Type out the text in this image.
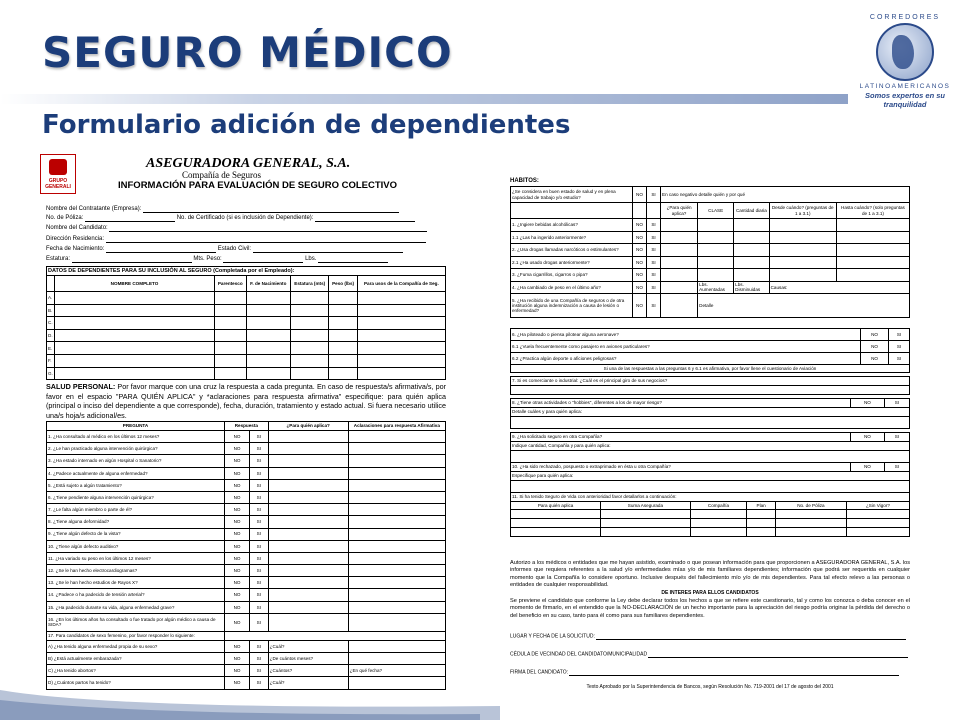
SEGURO MÉDICO
Formulario adición de dependientes
CORREDORES
LATINOAMERICANOS
Somos expertos en su tranquilidad
GRUPO GENERALI
ASEGURADORA GENERAL, S.A.
Compañía de Seguros
INFORMACIÓN PARA EVALUACIÓN DE SEGURO COLECTIVO
Nombre del Contratante (Empresa):
No. de Póliza:	No. de Certificado (si es inclusión de Dependiente):
Nombre del Candidato:
Dirección Residencia:
Fecha de Nacimiento:	Estado Civil:
Estatura:	Mts. Peso:	Lbs.
DATOS DE DEPENDIENTES PARA SU INCLUSIÓN AL SEGURO (Completada por el Empleado):						
	NOMBRE COMPLETO	Parentesco	F. de Nacimiento	Estatura (mts)	Peso (lbs)	Para usos de la Compañía de Seg.
A.						
B.						
C.						
D.						
E.						
F.						
G.						
SALUD PERSONAL: Por favor marque con una cruz la respuesta a cada pregunta. En caso de respuesta/s afirmativa/s, por favor en el espacio "PARA QUIÉN APLICA" y *aclaraciones para respuesta afirmativa" especifique: para quién aplica (principal o inciso del dependiente a que corresponde), fecha, duración, tratamiento y estado actual. Si fuera necesario utilice una/s hoja/s adicional/es.
PREGUNTA	Respuesta		¿Para quién aplica?	Aclaraciones para respuesta Afirmativa
1. ¿Ha consultado al médico en los últimos 12 meses?	NO	SI		
2. ¿Le han practicado alguna intervención quirúrgica?	NO	SI		
3. ¿Ha estado internado en algún Hospital o Sanatorio?	NO	SI		
4. ¿Padece actualmente de alguna enfermedad?	NO	SI		
5. ¿Está sujeto a algún tratamiento?	NO	SI		
6. ¿Tiene pendiente alguna intervención quirúrgica?	NO	SI		
7. ¿Le falta algún miembro o parte de él?	NO	SI		
8. ¿Tiene alguna deformidad?	NO	SI		
9. ¿Tiene algún defecto de la vista?	NO	SI		
10. ¿Tiene algún defecto auditivo?	NO	SI		
11. ¿Ha variado su peso en los últimos 12 meses?	NO	SI		
12. ¿Se le han hecho electrocardiogramas?	NO	SI		
13. ¿Se le han hecho estudios de Rayos X?	NO	SI		
14. ¿Padece o ha padecido de tensión arterial?	NO	SI		
15. ¿Ha padecido durante su vida, alguna enfermedad grave?	NO	SI		
16. ¿En los últimos años ha consultado o fue tratado por algún médico a causa de SIDA?	NO	SI		
17. Para candidatos de sexo femenino, por favor responder lo siguiente:				
A) ¿Ha tenido alguna enfermedad propia de su sexo?	NO	SI	¿Cuál?	
B) ¿Está actualmente embarazada?	NO	SI	¿De cuántos meses?	
C) ¿Ha tenido abortos?	NO	SI	¿Cuántos?	¿En qué fecha?
D) ¿Cuántos partos ha tenido?	NO	SI	¿Cuál?	
HABITOS:
¿Se considera en buen estado de salud y en plena capacidad de trabajo y/o estudio?	NO	SI	En caso negativo detalle quién y por qué				
			¿Para quién aplica?	CLASE	Cantidad diaria	Desde cuándo? (preguntas de 1 a 3.1)	Hasta cuándo? (solo preguntas de 1 a 3.1)
1. ¿Ingiere bebidas alcohólicas?	NO	SI					
1.1 ¿Las ha ingerido anteriormente?	NO	SI					
2. ¿Usa drogas llamadas narcóticos o estimulantes?	NO	SI					
2.1 ¿Ha usado drogas anteriormente?	NO	SI					
3. ¿Fuma cigarrillos, cigarros o pipa?	NO	SI					
4. ¿Ha cambiado de peso en el último año?	NO	SI		Lbs. Aumentadas	Lbs. Disminuidas	Causas:	
5. ¿Ha recibido de una Compañía de seguros o de otra institución alguna indemnización a causa de lesión o enfermedad?	NO	SI		Detalle			
6. ¿Ha piloteado o piensa pilotear alguna aeronave?	NO	SI
6.1 ¿Vuela frecuentemente como pasajero en aviones particulares?	NO	SI
6.2 ¿Practica algún deporte o aficiones peligrosas?	NO	SI
Si una de las respuestas a las preguntas 6 y 6.1 es afirmativa, por favor llene el cuestionario de Aviación		
7. Si es comerciante o industrial: ¿Cuál es el principal giro de sus negocios?

8. ¿Tiene otras actividades o "hobbies", diferentes a los de mayor riesgo?	NO	SI
Detalle cuáles y para quién aplica:

9. ¿Ha solicitado seguro en otra Compañía?	NO	SI
Indique cantidad, Compañía y para quién aplica:

10. ¿Ha sido rechazado, pospuesto o extraprimado en ésta u otra Compañía?	NO	SI
Especifique para quién aplica:

11. Si ha tenido Seguro de Vida con anterioridad favor detallarlos a continuación:					
Para quién aplica	Suma Asegurada	Compañía	Plan	No. de Póliza	¿Sin Vigor?

Autorizo a los médicos o entidades que me hayan asistido, examinado o que posean información para que proporcionen a ASEGURADORA GENERAL, S.A. los informes que requiera referentes a la salud y/o enfermedades mías y/o de mis familiares dependientes; información que podrá ser requerida en cualquier momento que la Compañía lo considere oportuno. Inclusive después del fallecimiento mío y/o de mis dependientes. Para tal efecto relevo a las personas o entidades de cualquier responsabilidad.
DE INTERES PARA ELLOS CANDIDATOS
Se previene el candidato que conforme la Ley debe declarar todos los hechos a que se refiere este cuestionario, tal y como los conozca o deba conocer en el momento de firmarlo, en el entendido que la NO-DECLARACIÓN de un hecho importante para la apreciación del riesgo podría originar la pérdida del derecho o del beneficio en su caso, tanto para él como para sus familiares dependientes.
LUGAR Y FECHA DE LA SOLICITUD:
CÉDULA DE VECINDAD DEL CANDIDATO/MUNICIPALIDAD
FIRMA DEL CANDIDATO:
Texto Aprobado por la Superintendencia de Bancos, según Resolución No. 719-2001 del 17 de agosto del 2001
